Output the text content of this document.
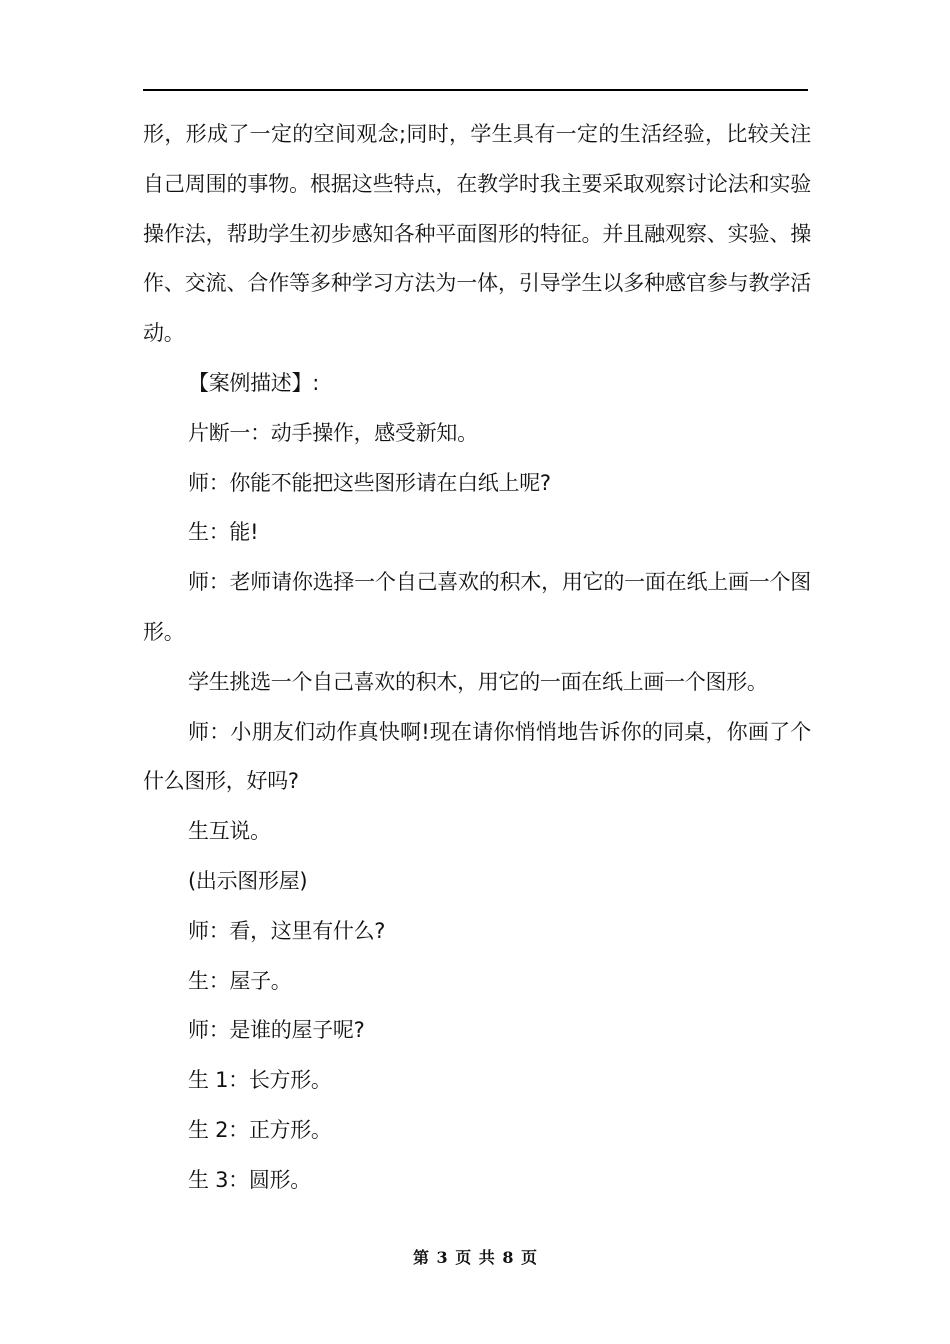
形，形成了一定的空间观念;同时，学生具有一定的生活经验，比较关注自己周围的事物。根据这些特点，在教学时我主要采取观察讨论法和实验操作法，帮助学生初步感知各种平面图形的特征。并且融观察、实验、操作、交流、合作等多种学习方法为一体，引导学生以多种感官参与教学活动。

【案例描述】:

片断一：动手操作，感受新知。

师：你能不能把这些图形请在白纸上呢?

生：能!

师：老师请你选择一个自己喜欢的积木，用它的一面在纸上画一个图形。

学生挑选一个自己喜欢的积木，用它的一面在纸上画一个图形。

师：小朋友们动作真快啊!现在请你悄悄地告诉你的同桌，你画了个什么图形，好吗?

生互说。

(出示图形屋)

师：看，这里有什么?

生：屋子。

师：是谁的屋子呢?

生 1：长方形。

生 2：正方形。

生 3：圆形。

第 3 页 共 8 页
